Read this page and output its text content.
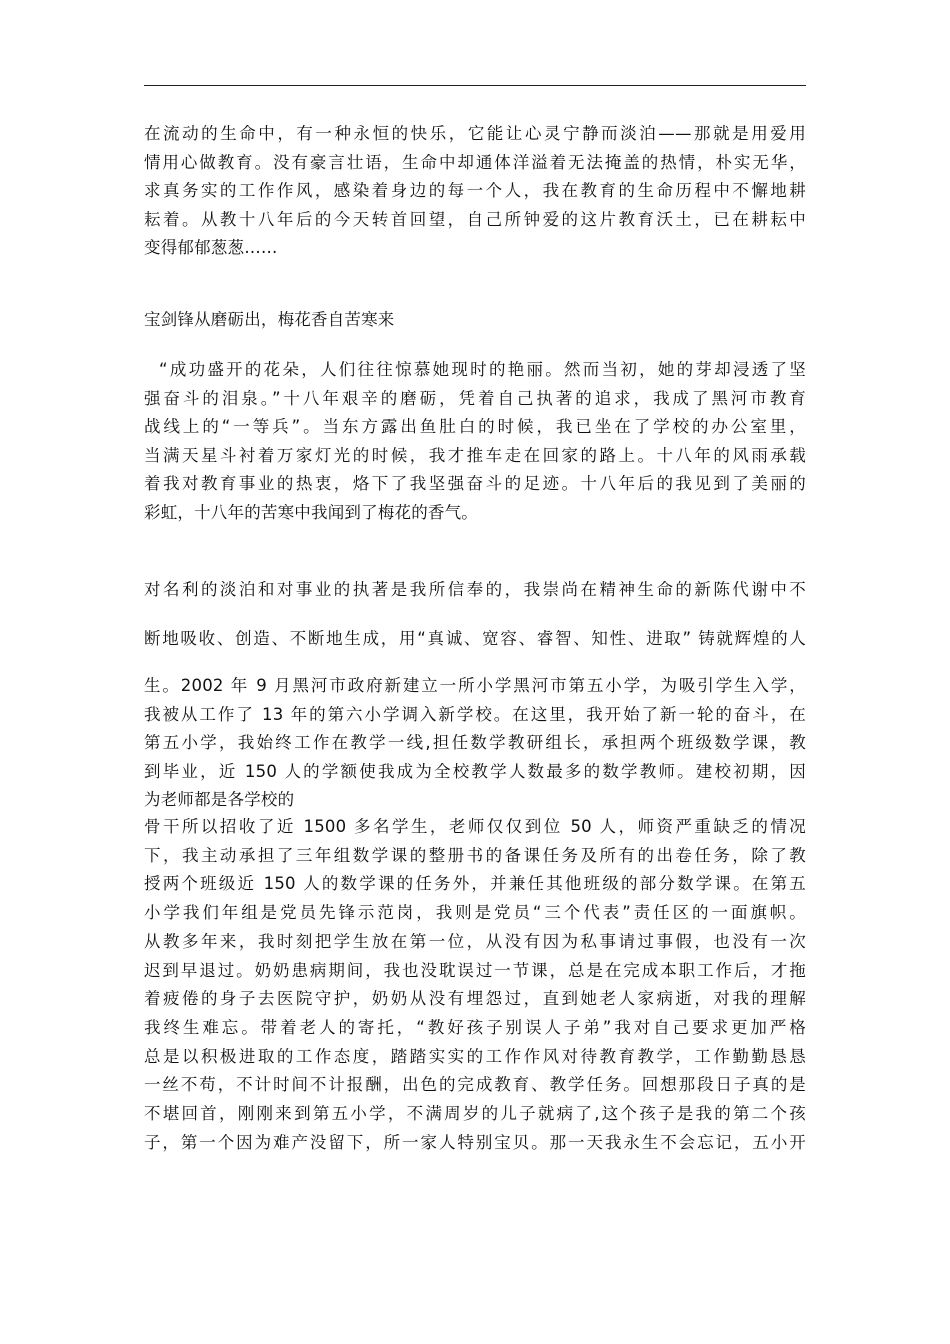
在流动的生命中，有一种永恒的快乐，它能让心灵宁静而淡泊——那就是用爱用
情用心做教育。没有豪言壮语，生命中却通体洋溢着无法掩盖的热情，朴实无华，
求真务实的工作作风，感染着身边的每一个人，我在教育的生命历程中不懈地耕
耘着。从教十八年后的今天转首回望，自己所钟爱的这片教育沃土，已在耕耘中
变得郁郁葱葱……
宝剑锋从磨砺出，梅花香自苦寒来
“成功盛开的花朵，人们往往惊慕她现时的艳丽。然而当初，她的芽却浸透了坚
强奋斗的泪泉。”十八年艰辛的磨砺，凭着自己执著的追求，我成了黑河市教育
战线上的“一等兵”。当东方露出鱼肚白的时候，我已坐在了学校的办公室里，
当满天星斗衬着万家灯光的时候，我才推车走在回家的路上。十八年的风雨承载
着我对教育事业的热衷，烙下了我坚强奋斗的足迹。十八年后的我见到了美丽的
彩虹，十八年的苦寒中我闻到了梅花的香气。
对名利的淡泊和对事业的执著是我所信奉的，我崇尚在精神生命的新陈代谢中不
断地吸收、创造、不断地生成，用“真诚、宽容、睿智、知性、进取” 铸就辉煌的人
生。2002 年 9 月黑河市政府新建立一所小学黑河市第五小学，为吸引学生入学，
我被从工作了 13 年的第六小学调入新学校。在这里，我开始了新一轮的奋斗，在
第五小学，我始终工作在教学一线,担任数学教研组长，承担两个班级数学课，教
到毕业，近 150 人的学额使我成为全校教学人数最多的数学教师。建校初期，因
为老师都是各学校的
骨干所以招收了近 1500 多名学生，老师仅仅到位 50 人，师资严重缺乏的情况
下，我主动承担了三年组数学课的整册书的备课任务及所有的出卷任务，除了教
授两个班级近 150 人的数学课的任务外，并兼任其他班级的部分数学课。在第五
小学我们年组是党员先锋示范岗，我则是党员“三个代表”责任区的一面旗帜。
从教多年来，我时刻把学生放在第一位，从没有因为私事请过事假，也没有一次
迟到早退过。奶奶患病期间，我也没耽误过一节课，总是在完成本职工作后，才拖
着疲倦的身子去医院守护，奶奶从没有埋怨过，直到她老人家病逝，对我的理解
我终生难忘。带着老人的寄托，“教好孩子别误人子弟”我对自己要求更加严格
总是以积极进取的工作态度，踏踏实实的工作作风对待教育教学，工作勤勤恳恳
一丝不苟，不计时间不计报酬，出色的完成教育、教学任务。回想那段日子真的是
不堪回首，刚刚来到第五小学，不满周岁的儿子就病了,这个孩子是我的第二个孩
子，第一个因为难产没留下，所一家人特别宝贝。那一天我永生不会忘记，五小开
